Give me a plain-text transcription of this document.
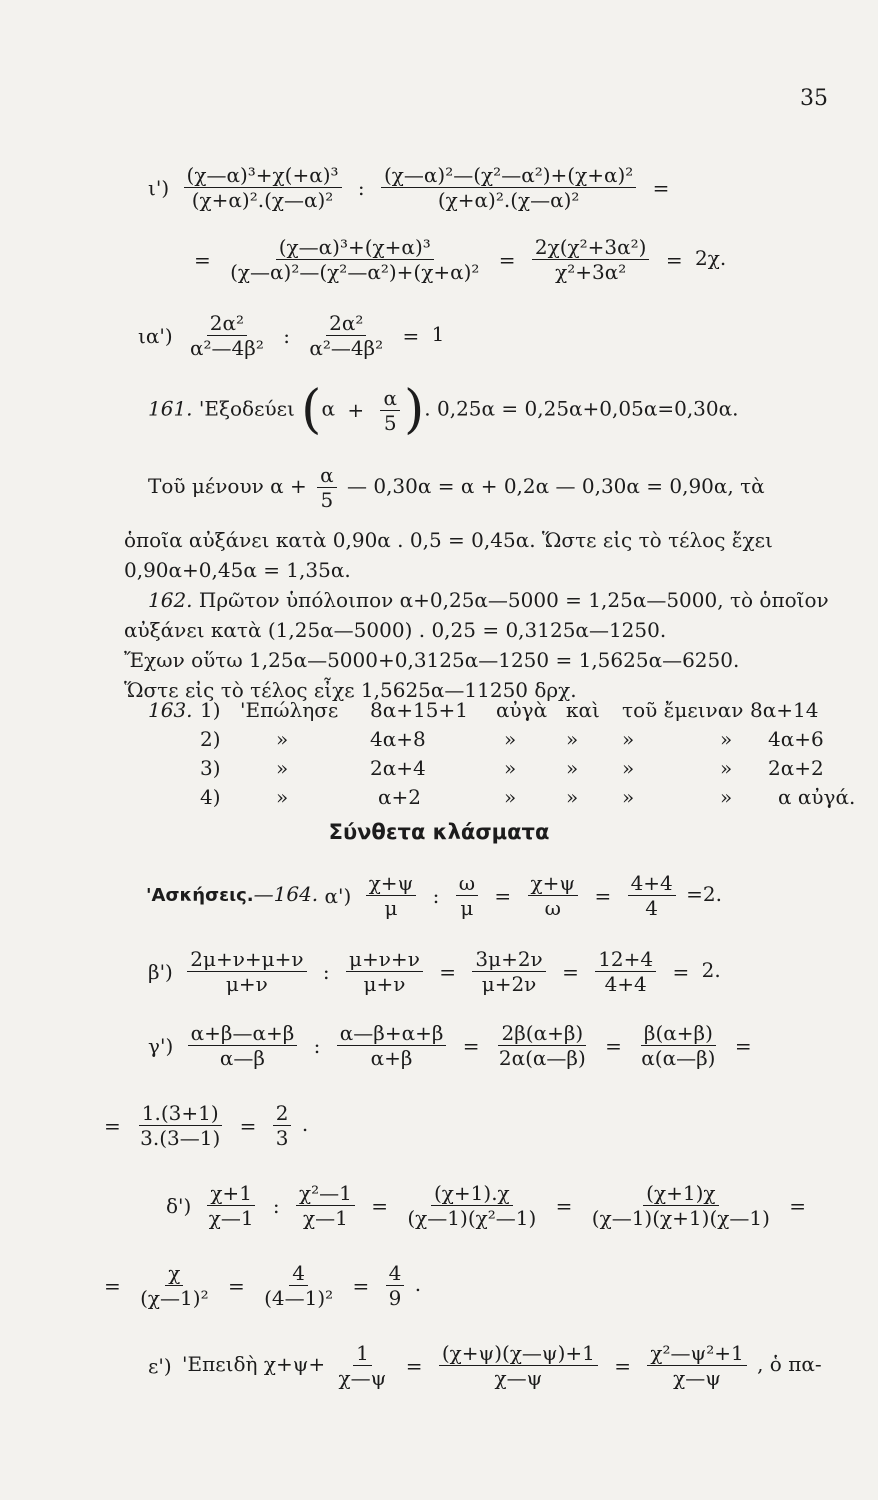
35
$\iota') \frac{\text{(χ—α)³+χ(+α)³}}{\text{(χ+α)².(χ—α)²}}$ : $\frac{\text{(χ—α)²—(χ²—α²)+(χ+α)²}}{\text{(χ+α)².(χ—α)²}}$ =
= $\frac{\text{(χ—α)³+(χ+α)³}}{\text{(χ—α)²—(χ²—α²)+(χ+α)²}} = \frac{\text{2χ(χ²+3α²)}}{\text{χ²+3α²}} = 2\chi$.
$\iota\alpha') \frac{\text{2α²}}{\text{α²—4β²}}$ : $\frac{\text{2α²}}{\text{α²—4β²}} = 1$
161. 'Εξοδεύει ($\alpha + \frac{\alpha}{5}$ ). 0,25α = 0,25α+0,05α=0,30α.
Τοῦ μένουν $\alpha + \frac{\alpha}{5}$ — 0,30α = α + 0,2α — 0,30α = 0,90α, τὰ
ὁποῖα αὐξάνει κατὰ 0,90α . 0,5 = 0,45α. Ὥστε εἰς τὸ τέλος ἔχει
0,90α+0,45α = 1,35α.
162. Πρῶτον ὑπόλοιπον α+0,25α—5000 = 1,25α—5000, τὸ ὁποῖον
αὐξάνει κατὰ (1,25α—5000) . 0,25 = 0,3125α—1250.
Ἔχων οὕτω 1,25α—5000+0,3125α—1250 = 1,5625α—6250.
Ὥστε εἰς τὸ τέλος εἶχε 1,5625α—11250 δρχ.
163. 1) 'Επώλησε 8α+15+1 αὐγὰ καὶ τοῦ ἔμειναν 8α+14
2)	»	4α+8	» » »	» 4α+6
3)	»	2α+4	» » »	» 2α+2
4)	»	α+2	» » »	» α αὐγά.
Σύνθετα κλάσματα
'Ασκήσεις.—164. $\alpha') \frac{\chi+\psi}{\mu}$ : $\frac{\omega}{\mu} = \frac{\chi+\psi}{\omega} = \frac{4+4}{4} =2$.
$\beta') \frac{2\mu+\nu+\mu+\nu}{\mu+\nu}$ : $\frac{\mu+\nu+\nu}{\mu+\nu} = \frac{3\mu+2\nu}{\mu+2\nu} = \frac{12+4}{4+4} = 2$.
$\gamma') \frac{\alpha+\beta—\alpha+\beta}{\alpha—\beta}$ : $\frac{\alpha—\beta+\alpha+\beta}{\alpha+\beta} = \frac{2\beta(\alpha+\beta)}{2\alpha(\alpha—\beta)} = \frac{\beta(\alpha+\beta)}{\alpha(\alpha—\beta)}$ =
= $\frac{1.(3+1)}{3.(3—1)} = \frac{2}{3}$ .
$\delta') \frac{\chi+1}{\chi—1}$ : $\frac{\text{χ²—1}}{\chi—1} = \frac{(\chi+1).\chi}{\text{(χ—1)(χ²—1)}} = \frac{(\chi+1)\chi}{(\chi—1)(\chi+1)(\chi—1)}$ =
= $\frac{\chi}{\text{(χ—1)²}} = \frac{4}{\text{(4—1)²}} = \frac{4}{9}$ .
ε') 'Επειδὴ $\chi+\psi+ \frac{1}{\chi—\psi} = \frac{(\chi+\psi)(\chi—\psi)+1}{\chi—\psi} = \frac{\text{χ²—ψ²+1}}{\chi—\psi}$ , ὁ πα-
